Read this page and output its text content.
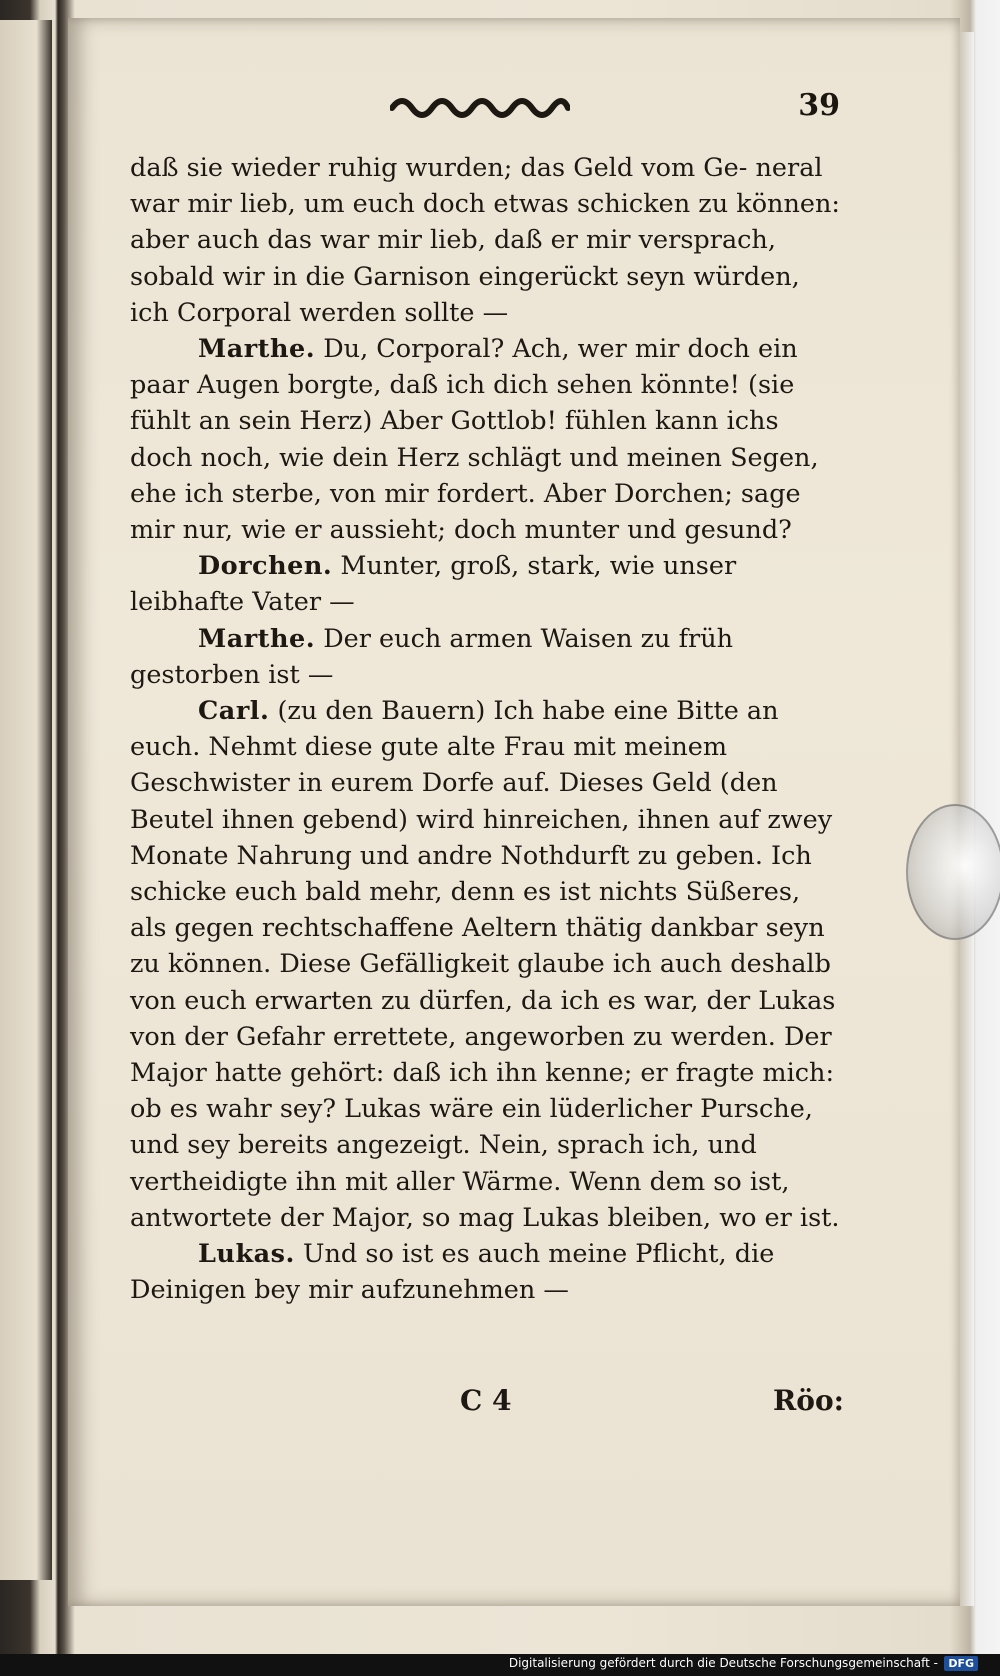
39

daß sie wieder ruhig wurden; das Geld vom Ge- neral war mir lieb, um euch doch etwas schicken zu können: aber auch das war mir lieb, daß er mir versprach, sobald wir in die Garnison eingerückt seyn würden, ich Corporal werden sollte —

Marthe. Du, Corporal? Ach, wer mir doch ein paar Augen borgte, daß ich dich sehen könnte! (sie fühlt an sein Herz) Aber Gottlob! fühlen kann ichs doch noch, wie dein Herz schlägt und meinen Segen, ehe ich sterbe, von mir fordert. Aber Dorchen; sage mir nur, wie er aussieht; doch munter und gesund?

Dorchen. Munter, groß, stark, wie unser leibhafte Vater —

Marthe. Der euch armen Waisen zu früh gestorben ist —

Carl. (zu den Bauern) Ich habe eine Bitte an euch. Nehmt diese gute alte Frau mit meinem Geschwister in eurem Dorfe auf. Dieses Geld (den Beutel ihnen gebend) wird hinreichen, ihnen auf zwey Monate Nahrung und andre Nothdurft zu geben. Ich schicke euch bald mehr, denn es ist nichts Süßeres, als gegen rechtschaffene Aeltern thätig dankbar seyn zu können. Diese Gefälligkeit glaube ich auch deshalb von euch erwarten zu dürfen, da ich es war, der Lukas von der Gefahr errettete, angeworben zu werden. Der Major hatte gehört: daß ich ihn kenne; er fragte mich: ob es wahr sey? Lukas wäre ein lüderlicher Pursche, und sey bereits angezeigt. Nein, sprach ich, und vertheidigte ihn mit aller Wärme. Wenn dem so ist, antwortete der Major, so mag Lukas bleiben, wo er ist.

Lukas. Und so ist es auch meine Pflicht, die Deinigen bey mir aufzunehmen —

C 4	Röo:
Digitalisierung gefördert durch die Deutsche Forschungsgemeinschaft - DFG
